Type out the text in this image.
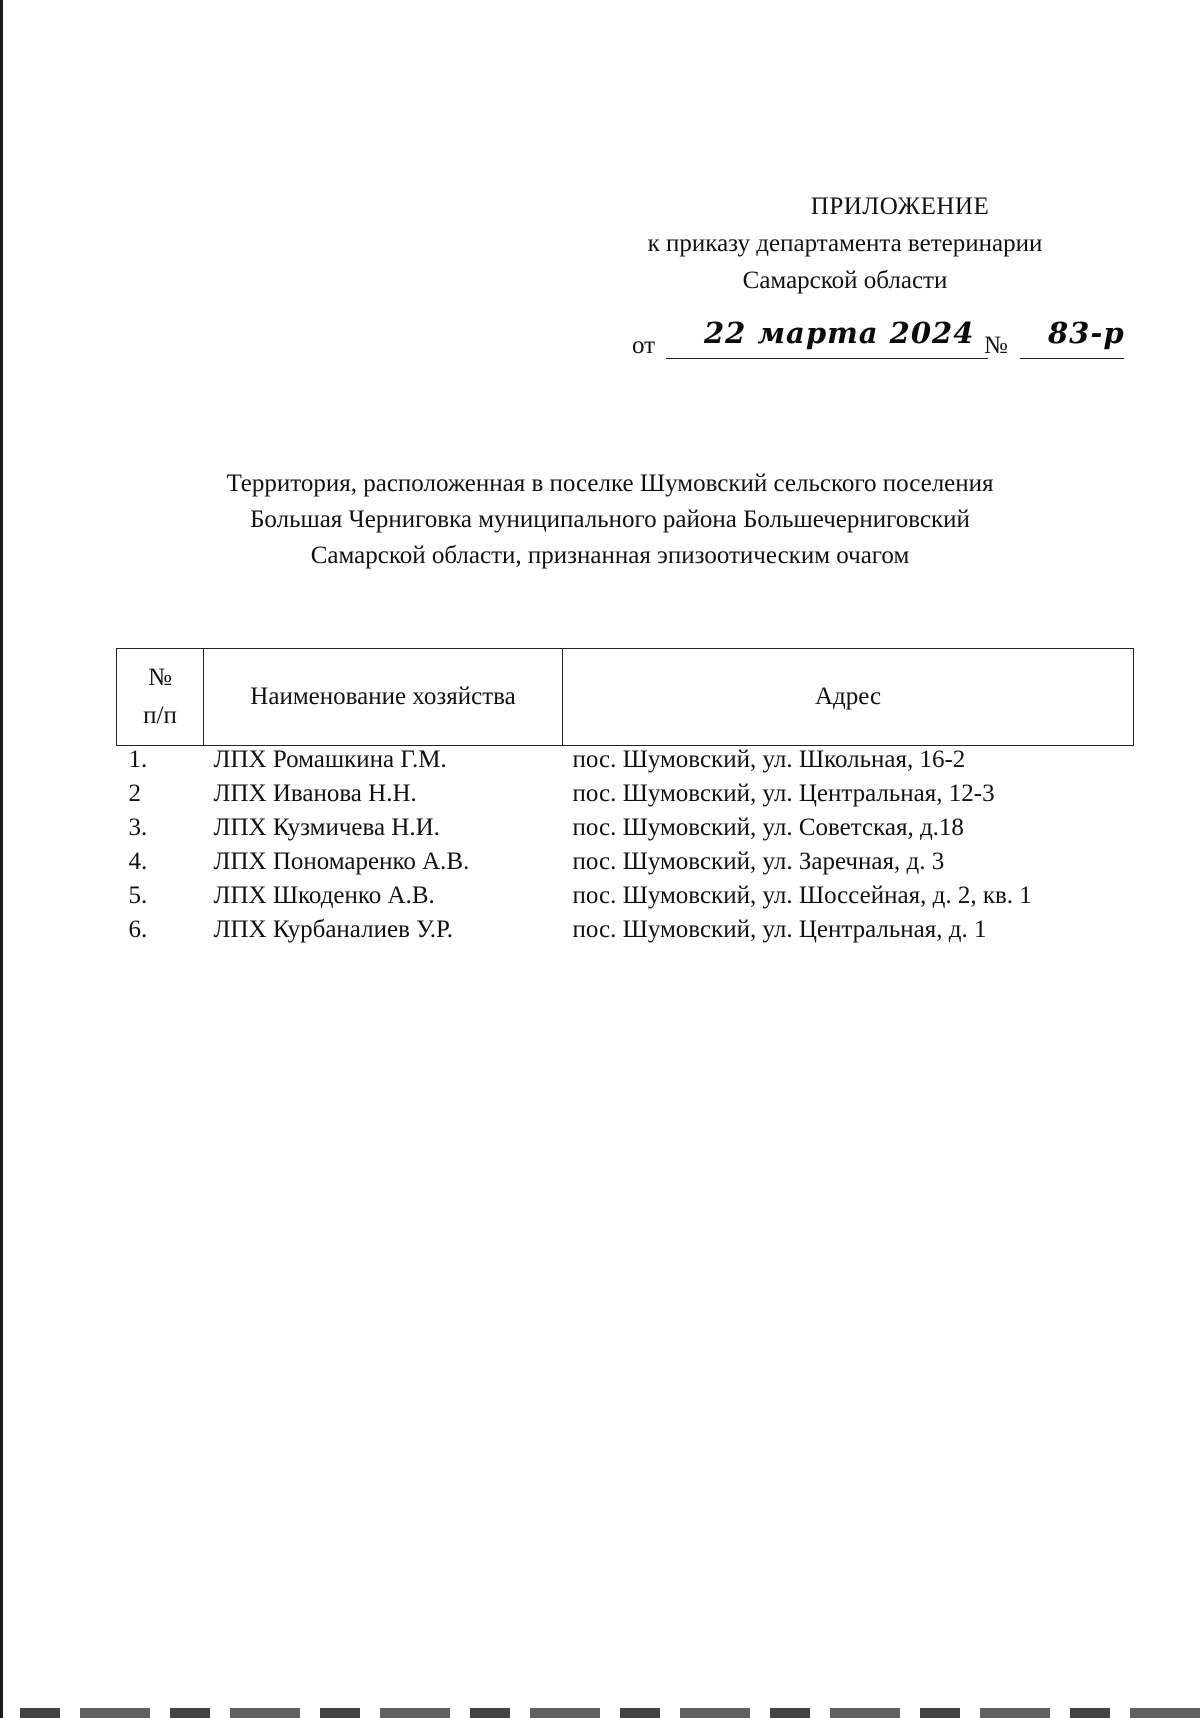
ПРИЛОЖЕНИЕ
к приказу департамента ветеринарии
Самарской области
от 22 марта 2024 № 83-р
Территория, расположенная в поселке Шумовский сельского поселения
Большая Черниговка муниципального района Большечерниговский
Самарской области, признанная эпизоотическим очагом
№
п/п	Наименование хозяйства	Адрес
1.	ЛПХ Ромашкина Г.М.	пос. Шумовский, ул. Школьная, 16-2
2	ЛПХ Иванова Н.Н.	пос. Шумовский, ул. Центральная, 12-3
3.	ЛПХ Кузмичева Н.И.	пос. Шумовский, ул. Советская, д.18
4.	ЛПХ Пономаренко А.В.	пос. Шумовский, ул. Заречная, д. 3
5.	ЛПХ Шкоденко А.В.	пос. Шумовский, ул. Шоссейная, д. 2, кв. 1
6.	ЛПХ Курбаналиев У.Р.	пос. Шумовский, ул. Центральная, д. 1
